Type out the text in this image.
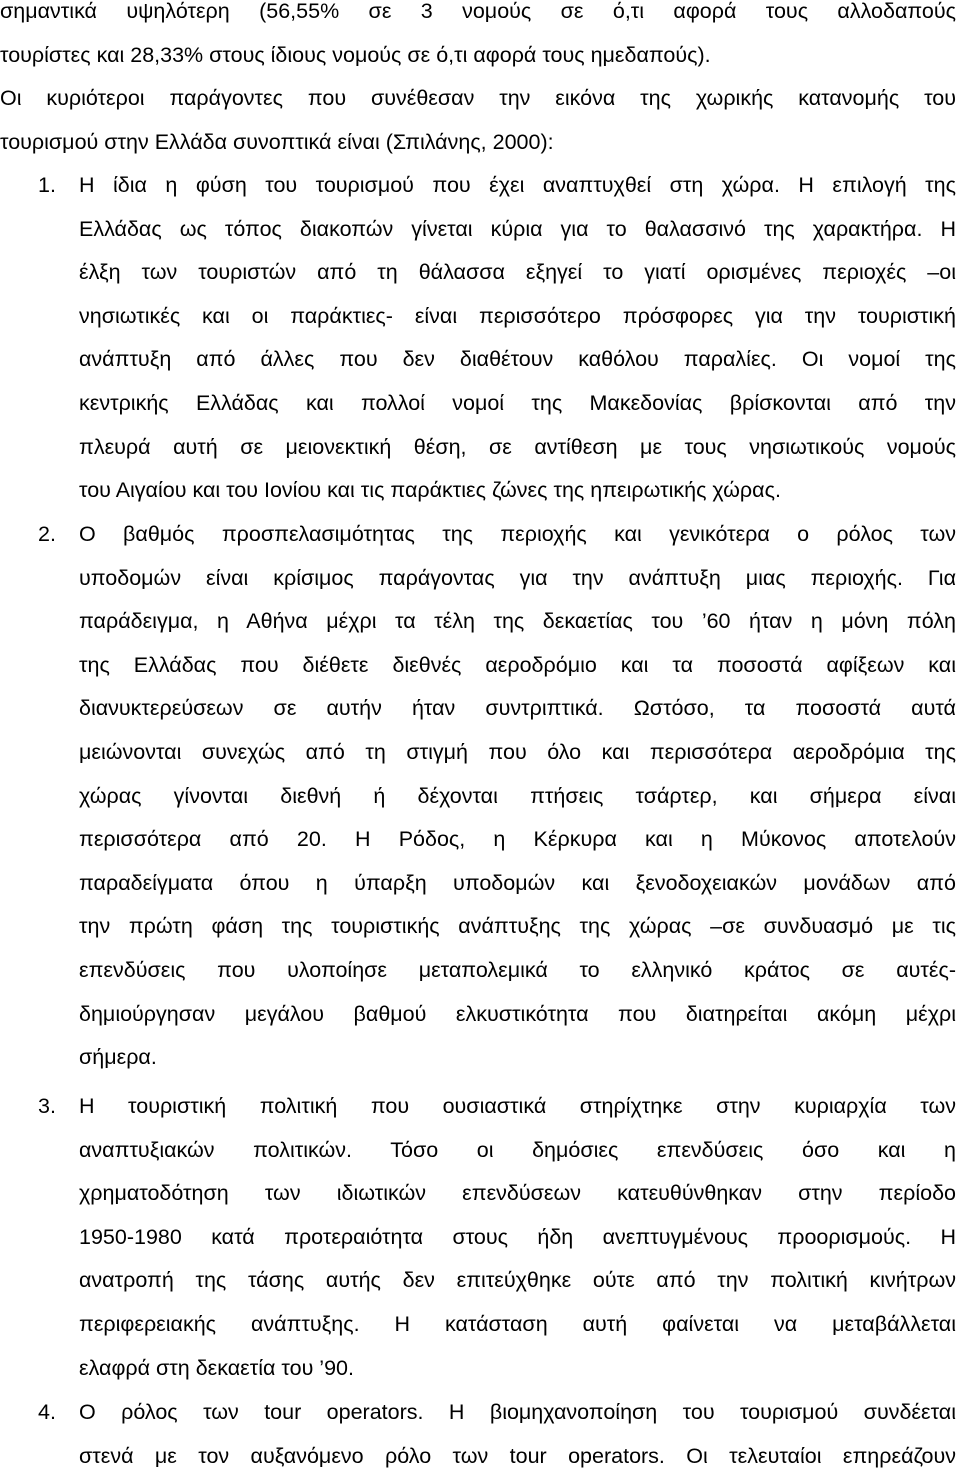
σημαντικά υψηλότερη (56,55% σε 3 νομούς σε ό,τι αφορά τους αλλοδαπούς
τουρίστες και 28,33% στους ίδιους νομούς σε ό,τι αφορά τους ημεδαπούς).
Οι κυριότεροι παράγοντες που συνέθεσαν την εικόνα της χωρικής κατανομής του
τουρισμού στην Ελλάδα συνοπτικά είναι (Σπιλάνης, 2000):
1. Η ίδια η φύση του τουρισμού που έχει αναπτυχθεί στη χώρα. Η επιλογή της
Ελλάδας ως τόπος διακοπών γίνεται κύρια για το θαλασσινό της χαρακτήρα. Η
έλξη των τουριστών από τη θάλασσα εξηγεί το γιατί ορισμένες περιοχές –οι
νησιωτικές και οι παράκτιες- είναι περισσότερο πρόσφορες για την τουριστική
ανάπτυξη από άλλες που δεν διαθέτουν καθόλου παραλίες. Οι νομοί της
κεντρικής Ελλάδας και πολλοί νομοί της Μακεδονίας βρίσκονται από την
πλευρά αυτή σε μειονεκτική θέση, σε αντίθεση με τους νησιωτικούς νομούς
του Αιγαίου και του Ιονίου και τις παράκτιες ζώνες της ηπειρωτικής χώρας.
2. Ο βαθμός προσπελασιμότητας της περιοχής και γενικότερα ο ρόλος των
υποδομών είναι κρίσιμος παράγοντας για την ανάπτυξη μιας περιοχής. Για
παράδειγμα, η Αθήνα μέχρι τα τέλη της δεκαετίας του ’60 ήταν η μόνη πόλη
της Ελλάδας που διέθετε διεθνές αεροδρόμιο και τα ποσοστά αφίξεων και
διανυκτερεύσεων σε αυτήν ήταν συντριπτικά. Ωστόσο, τα ποσοστά αυτά
μειώνονται συνεχώς από τη στιγμή που όλο και περισσότερα αεροδρόμια της
χώρας γίνονται διεθνή ή δέχονται πτήσεις τσάρτερ, και σήμερα είναι
περισσότερα από 20. Η Ρόδος, η Κέρκυρα και η Μύκονος αποτελούν
παραδείγματα όπου η ύπαρξη υποδομών και ξενοδοχειακών μονάδων από
την πρώτη φάση της τουριστικής ανάπτυξης της χώρας –σε συνδυασμό με τις
επενδύσεις που υλοποίησε μεταπολεμικά το ελληνικό κράτος σε αυτές-
δημιούργησαν μεγάλου βαθμού ελκυστικότητα που διατηρείται ακόμη μέχρι
σήμερα.
3. Η τουριστική πολιτική που ουσιαστικά στηρίχτηκε στην κυριαρχία των
αναπτυξιακών πολιτικών. Τόσο οι δημόσιες επενδύσεις όσο και η
χρηματοδότηση των ιδιωτικών επενδύσεων κατευθύνθηκαν στην περίοδο
1950-1980 κατά προτεραιότητα στους ήδη ανεπτυγμένους προορισμούς. Η
ανατροπή της τάσης αυτής δεν επιτεύχθηκε ούτε από την πολιτική κινήτρων
περιφερειακής ανάπτυξης. Η κατάσταση αυτή φαίνεται να μεταβάλλεται
ελαφρά στη δεκαετία του ’90.
4. Ο ρόλος των tour operators. Η βιομηχανοποίηση του τουρισμού συνδέεται
στενά με τον αυξανόμενο ρόλο των tour operators. Οι τελευταίοι επηρεάζουν
